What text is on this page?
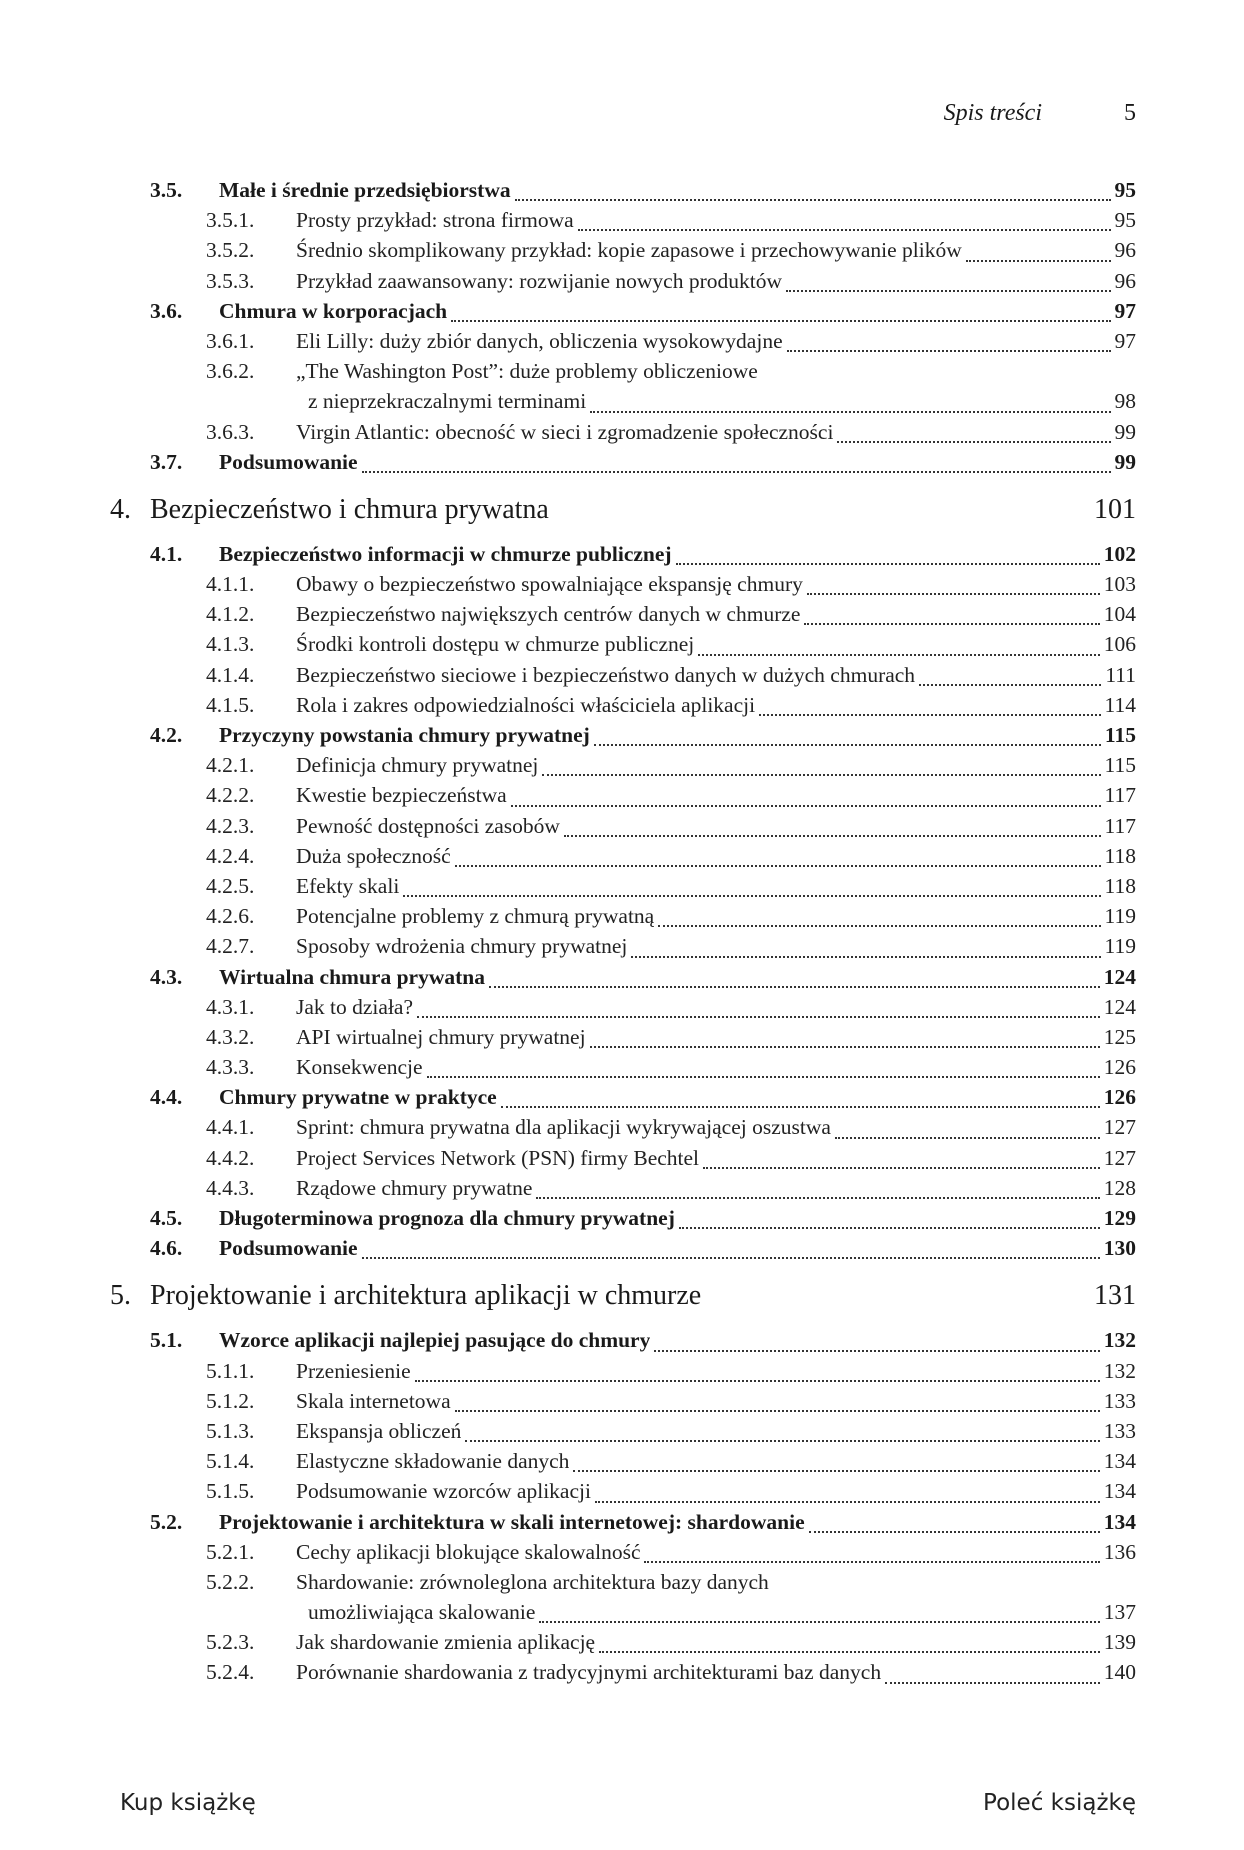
Spis treści	5
3.5.	Małe i średnie przedsiębiorstwa	95
3.5.1.	Prosty przykład: strona firmowa	95
3.5.2.	Średnio skomplikowany przykład: kopie zapasowe i przechowywanie plików	96
3.5.3.	Przykład zaawansowany: rozwijanie nowych produktów	96
3.6.	Chmura w korporacjach	97
3.6.1.	Eli Lilly: duży zbiór danych, obliczenia wysokowydajne	97
3.6.2.	„The Washington Post”: duże problemy obliczeniowe
z nieprzekraczalnymi terminami	98
3.6.3.	Virgin Atlantic: obecność w sieci i zgromadzenie społeczności	99
3.7.	Podsumowanie	99
4. Bezpieczeństwo i chmura prywatna	101
4.1.	Bezpieczeństwo informacji w chmurze publicznej	102
4.1.1.	Obawy o bezpieczeństwo spowalniające ekspansję chmury	103
4.1.2.	Bezpieczeństwo największych centrów danych w chmurze	104
4.1.3.	Środki kontroli dostępu w chmurze publicznej	106
4.1.4.	Bezpieczeństwo sieciowe i bezpieczeństwo danych w dużych chmurach	111
4.1.5.	Rola i zakres odpowiedzialności właściciela aplikacji	114
4.2.	Przyczyny powstania chmury prywatnej	115
4.2.1.	Definicja chmury prywatnej	115
4.2.2.	Kwestie bezpieczeństwa	117
4.2.3.	Pewność dostępności zasobów	117
4.2.4.	Duża społeczność	118
4.2.5.	Efekty skali	118
4.2.6.	Potencjalne problemy z chmurą prywatną	119
4.2.7.	Sposoby wdrożenia chmury prywatnej	119
4.3.	Wirtualna chmura prywatna	124
4.3.1.	Jak to działa?	124
4.3.2.	API wirtualnej chmury prywatnej	125
4.3.3.	Konsekwencje	126
4.4.	Chmury prywatne w praktyce	126
4.4.1.	Sprint: chmura prywatna dla aplikacji wykrywającej oszustwa	127
4.4.2.	Project Services Network (PSN) firmy Bechtel	127
4.4.3.	Rządowe chmury prywatne	128
4.5.	Długoterminowa prognoza dla chmury prywatnej	129
4.6.	Podsumowanie	130
5. Projektowanie i architektura aplikacji w chmurze	131
5.1.	Wzorce aplikacji najlepiej pasujące do chmury	132
5.1.1.	Przeniesienie	132
5.1.2.	Skala internetowa	133
5.1.3.	Ekspansja obliczeń	133
5.1.4.	Elastyczne składowanie danych	134
5.1.5.	Podsumowanie wzorców aplikacji	134
5.2.	Projektowanie i architektura w skali internetowej: shardowanie	134
5.2.1.	Cechy aplikacji blokujące skalowalność	136
5.2.2.	Shardowanie: zrównoleglona architektura bazy danych
umożliwiająca skalowanie	137
5.2.3.	Jak shardowanie zmienia aplikację	139
5.2.4.	Porównanie shardowania z tradycyjnymi architekturami baz danych	140
Kup książkę	Poleć książkę
